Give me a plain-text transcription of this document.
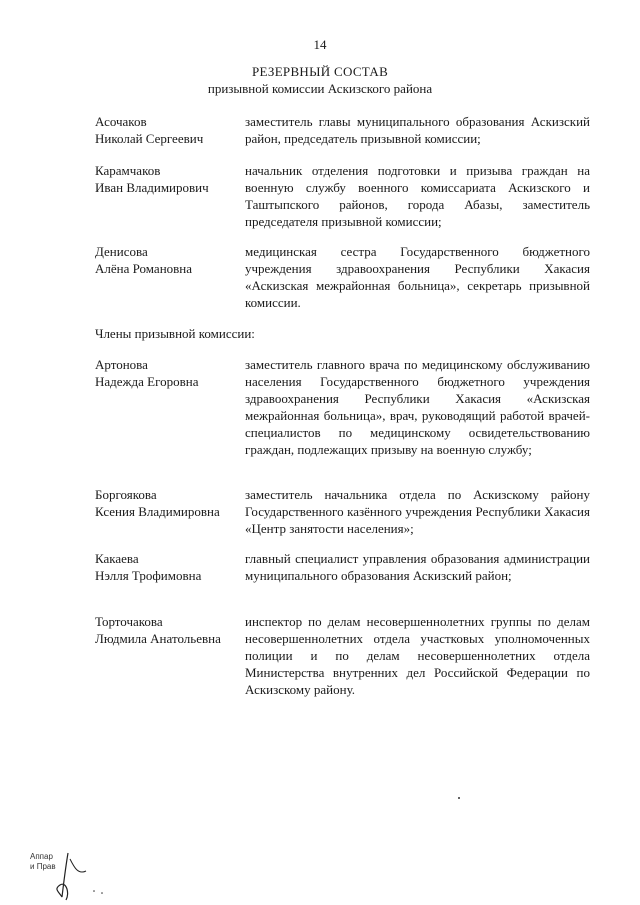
14
РЕЗЕРВНЫЙ СОСТАВ
призывной комиссии Аскизского района
Асочаков
Николай Сергеевич
заместитель главы муниципального образования Аскизский район, председатель призывной комиссии;
Карамчаков
Иван Владимирович
начальник отделения подготовки и призыва граждан на военную службу военного комиссариата Аскизского и Таштыпского районов, города Абазы, заместитель председателя призывной комиссии;
Денисова
Алёна Романовна
медицинская сестра Государственного бюджетного учреждения здравоохранения Республики Хакасия «Аскизская межрайонная больница», секретарь призывной комиссии.
Члены призывной комиссии:
Артонова
Надежда Егоровна
заместитель главного врача по медицинскому обслуживанию населения Государственного бюджетного учреждения здравоохранения Республики Хакасия «Аскизская межрайонная больница», врач, руководящий работой врачей-специалистов по медицинскому освидетельствованию граждан, подлежащих призыву на военную службу;
Боргоякова
Ксения Владимировна
заместитель начальника отдела по Аскизскому району Государственного казённого учреждения Республики Хакасия «Центр занятости населения»;
Какаева
Нэлля Трофимовна
главный специалист управления образования администрации муниципального образования Аскизский район;
Торточакова
Людмила Анатольевна
инспектор по делам несовершеннолетних группы по делам несовершеннолетних отдела участковых уполномоченных полиции и по делам несовершеннолетних отдела Министерства внутренних дел Российской Федерации по Аскизскому району.
Аппар
и Прав
